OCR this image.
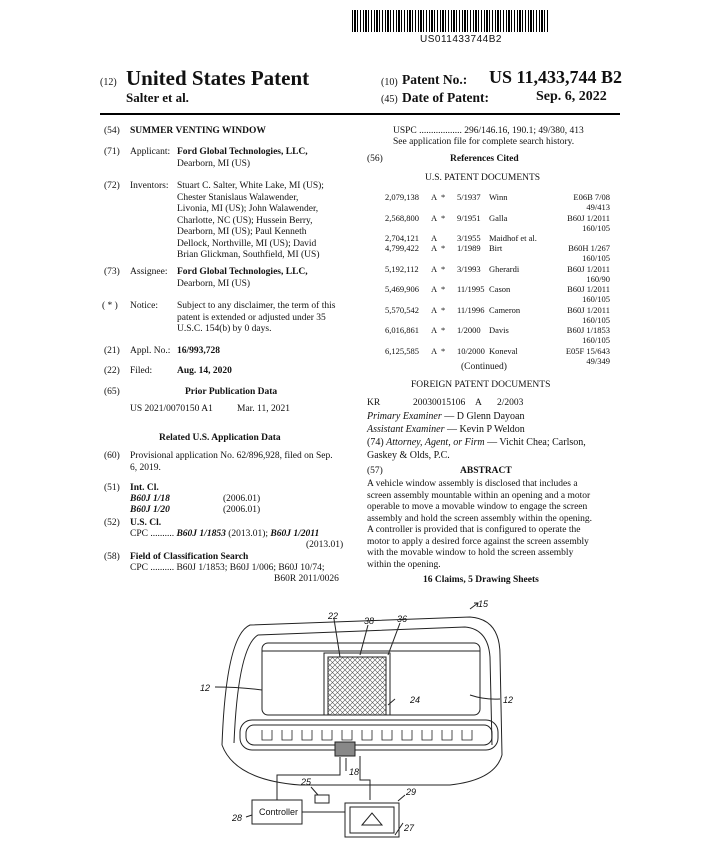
US011433744B2
(12) United States Patent
Salter et al.
(10) Patent No.: US 11,433,744 B2
(45) Date of Patent:	Sep. 6, 2022
(54) SUMMER VENTING WINDOW
(71) Applicant: Ford Global Technologies, LLC,
Dearborn, MI (US)
(72) Inventors: Stuart C. Salter, White Lake, MI (US);
Chester Stanislaus Walawender,
Livonia, MI (US); John Walawender,
Charlotte, NC (US); Hussein Berry,
Dearborn, MI (US); Paul Kenneth
Dellock, Northville, MI (US); David
Brian Glickman, Southfield, MI (US)
(73) Assignee: Ford Global Technologies, LLC,
Dearborn, MI (US)
( * ) Notice: Subject to any disclaimer, the term of this
patent is extended or adjusted under 35
U.S.C. 154(b) by 0 days.
(21) Appl. No.: 16/993,728
(22) Filed:	Aug. 14, 2020
(65)	Prior Publication Data
US 2021/0070150 A1	Mar. 11, 2021
Related U.S. Application Data
(60) Provisional application No. 62/896,928, filed on Sep.
6, 2019.
(51) Int. Cl.
B60J 1/18	(2006.01)
B60J 1/20	(2006.01)
(52) U.S. Cl.
CPC .......... B60J 1/1853 (2013.01); B60J 1/2011
(2013.01)
(58) Field of Classification Search
CPC .......... B60J 1/1853; B60J 1/006; B60J 10/74;
B60R 2011/0026
USPC .................. 296/146.16, 190.1; 49/380, 413
See application file for complete search history.
(56)	References Cited
U.S. PATENT DOCUMENTS
2,079,138 A * 5/1937 Winn	E06B 7/08
49/413
2,568,800 A * 9/1951 Galla	B60J 1/2011
160/105
2,704,121 A 3/1955 Maidhof et al.
4,799,422 A * 1/1989 Birt	B60H 1/267
160/105
5,192,112 A * 3/1993 Gherardi	B60J 1/2011
160/90
5,469,906 A * 11/1995 Cason	B60J 1/2011
160/105
5,570,542 A * 11/1996 Cameron	B60J 1/2011
160/105
6,016,861 A * 1/2000 Davis	B60J 1/1853
160/105
6,125,585 A * 10/2000 Koneval	E05F 15/643
49/349
(Continued)
FOREIGN PATENT DOCUMENTS
KR	20030015106 A 2/2003
Primary Examiner — D Glenn Dayoan
Assistant Examiner — Kevin P Weldon
(74) Attorney, Agent, or Firm — Vichit Chea; Carlson,
Gaskey & Olds, P.C.
(57)	ABSTRACT
A vehicle window assembly is disclosed that includes a
screen assembly mountable within an opening and a motor
operable to move a movable window to engage the screen
assembly and hold the screen assembly within the opening.
A controller is provided that is configured to operate the
motor to apply a desired force against the screen assembly
with the movable window to hold the screen assembly
within the opening.
16 Claims, 5 Drawing Sheets
15
22	38	36
12
12
24
25
18
29
28
27
Controller
